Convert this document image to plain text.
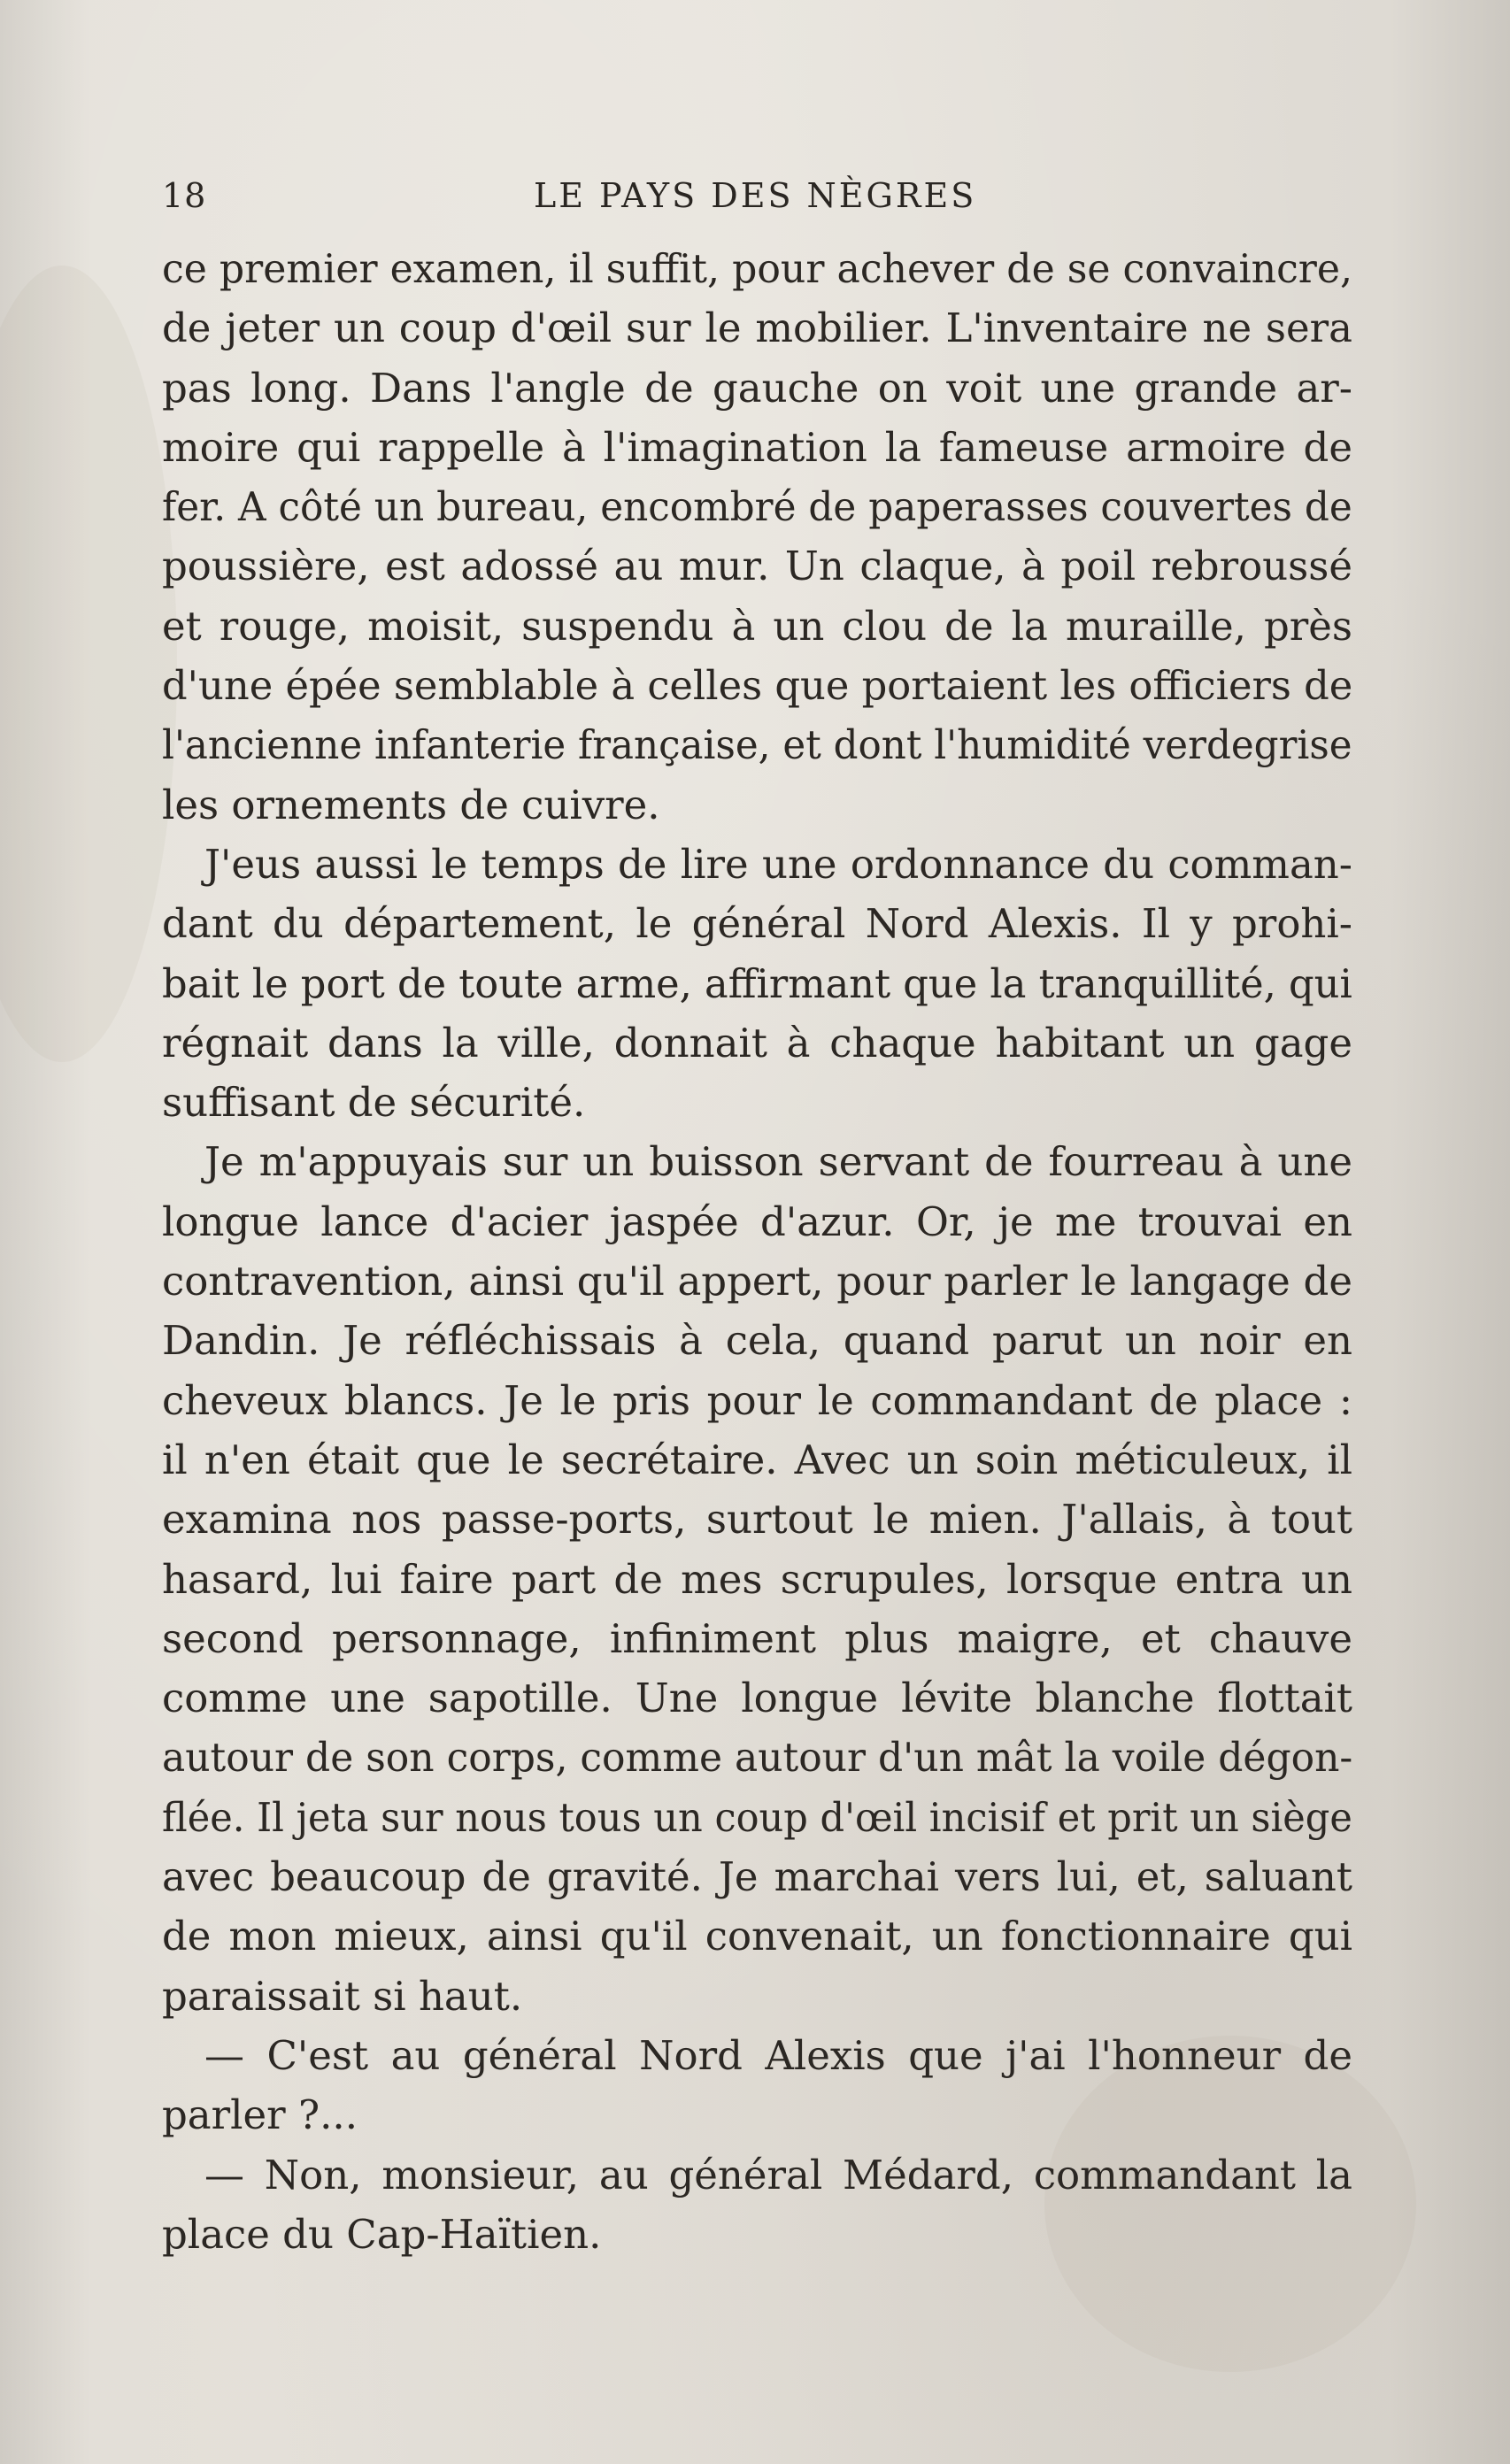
18	LE PAYS DES NÈGRES
ce premier examen, il suffit, pour achever de se convaincre,
de jeter un coup d'œil sur le mobilier. L'inventaire ne sera
pas long. Dans l'angle de gauche on voit une grande ar-
moire qui rappelle à l'imagination la fameuse armoire de
fer. A côté un bureau, encombré de paperasses couvertes de
poussière, est adossé au mur. Un claque, à poil rebroussé
et rouge, moisit, suspendu à un clou de la muraille, près
d'une épée semblable à celles que portaient les officiers de
l'ancienne infanterie française, et dont l'humidité verdegrise
les ornements de cuivre.
J'eus aussi le temps de lire une ordonnance du comman-
dant du département, le général Nord Alexis. Il y prohi-
bait le port de toute arme, affirmant que la tranquillité, qui
régnait dans la ville, donnait à chaque habitant un gage
suffisant de sécurité.
Je m'appuyais sur un buisson servant de fourreau à une
longue lance d'acier jaspée d'azur. Or, je me trouvai en
contravention, ainsi qu'il appert, pour parler le langage de
Dandin. Je réfléchissais à cela, quand parut un noir en
cheveux blancs. Je le pris pour le commandant de place :
il n'en était que le secrétaire. Avec un soin méticuleux, il
examina nos passe-ports, surtout le mien. J'allais, à tout
hasard, lui faire part de mes scrupules, lorsque entra un
second personnage, infiniment plus maigre, et chauve
comme une sapotille. Une longue lévite blanche flottait
autour de son corps, comme autour d'un mât la voile dégon-
flée. Il jeta sur nous tous un coup d'œil incisif et prit un siège
avec beaucoup de gravité. Je marchai vers lui, et, saluant
de mon mieux, ainsi qu'il convenait, un fonctionnaire qui
paraissait si haut.
— C'est au général Nord Alexis que j'ai l'honneur de
parler ?...
— Non, monsieur, au général Médard, commandant la
place du Cap-Haïtien.
